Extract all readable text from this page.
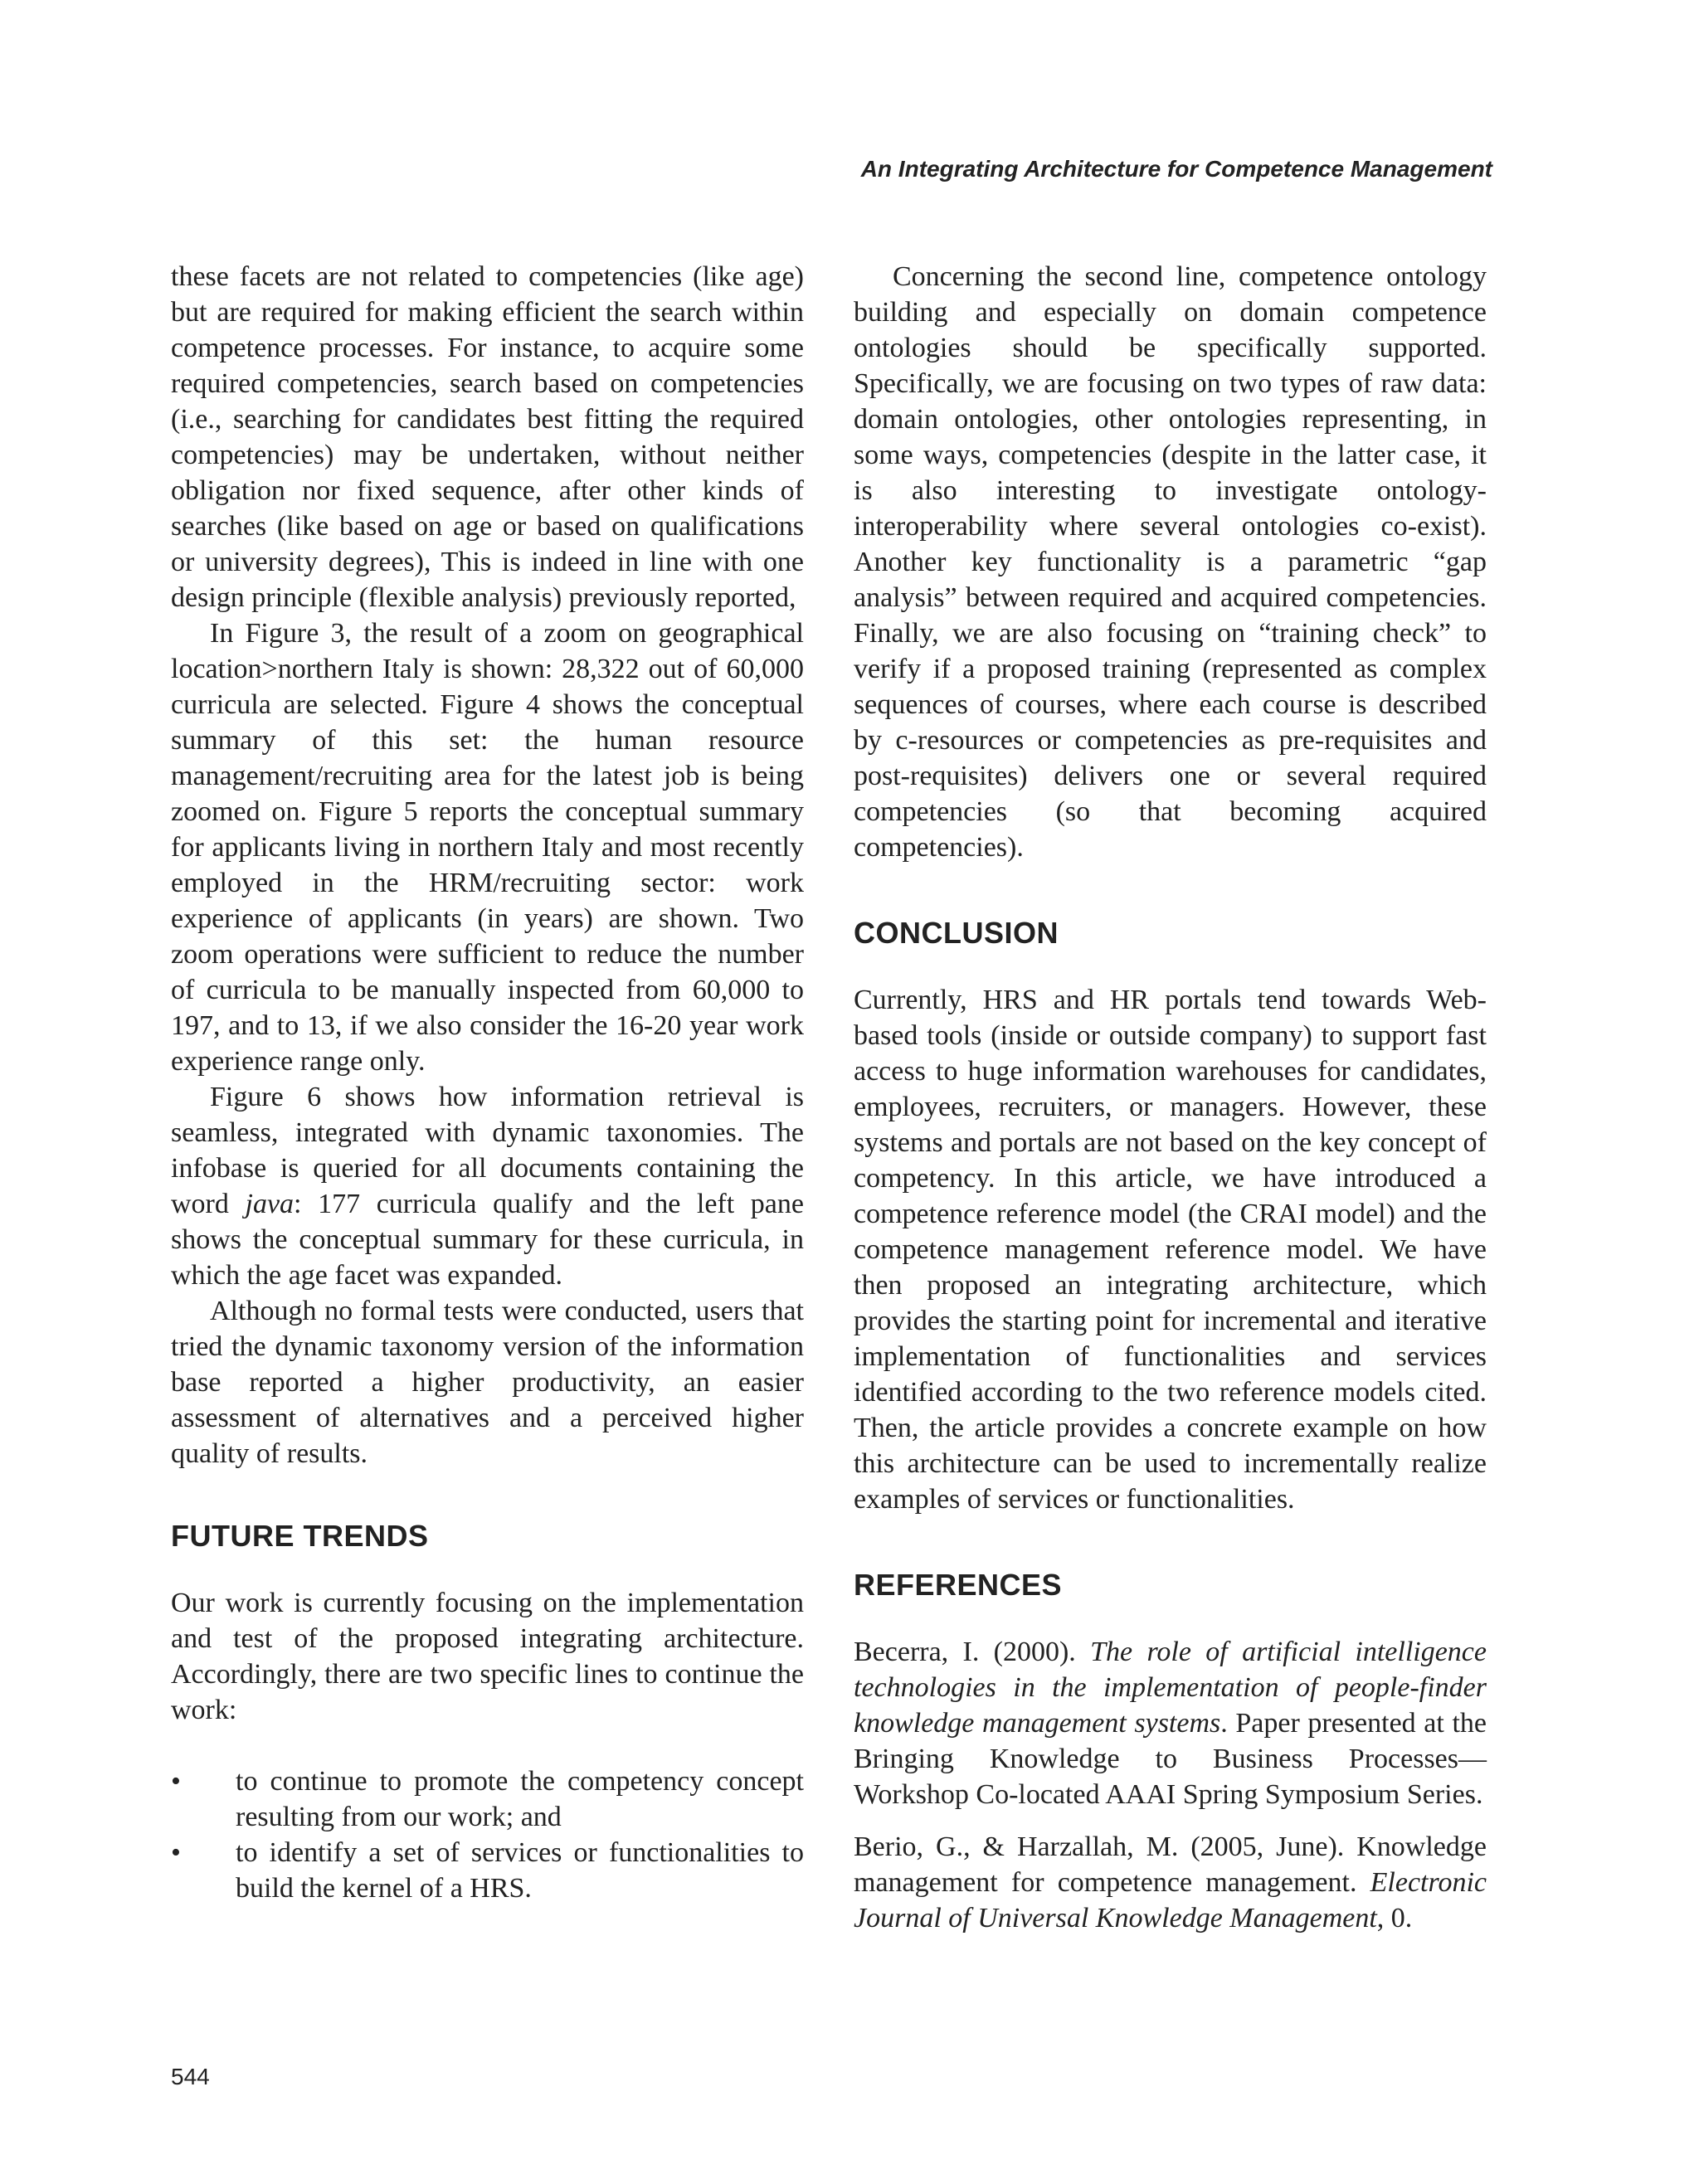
An Integrating Architecture for Competence Management

these facets are not related to competencies (like age) but are required for making efficient the search within competence processes. For instance, to acquire some required competencies, search based on competencies (i.e., searching for candidates best fitting the required competencies) may be undertaken, without neither obligation nor fixed sequence, after other kinds of searches (like based on age or based on qualifications or university degrees), This is indeed in line with one design principle (flexible analysis) previously reported,

In Figure 3, the result of a zoom on geographical location>northern Italy is shown: 28,322 out of 60,000 curricula are selected. Figure 4 shows the conceptual summary of this set: the human resource management/recruiting area for the latest job is being zoomed on. Figure 5 reports the conceptual summary for applicants living in northern Italy and most recently employed in the HRM/recruiting sector: work experience of applicants (in years) are shown. Two zoom operations were sufficient to reduce the number of curricula to be manually inspected from 60,000 to 197, and to 13, if we also consider the 16-20 year work experience range only.

Figure 6 shows how information retrieval is seamless, integrated with dynamic taxonomies. The infobase is queried for all documents containing the word java: 177 curricula qualify and the left pane shows the conceptual summary for these curricula, in which the age facet was expanded.

Although no formal tests were conducted, users that tried the dynamic taxonomy version of the information base reported a higher productivity, an easier assessment of alternatives and a perceived higher quality of results.

FUTURE TRENDS

Our work is currently focusing on the implementation and test of the proposed integrating architecture. Accordingly, there are two specific lines to continue the work:

•	to continue to promote the competency concept resulting from our work; and
•	to identify a set of services or functionalities to build the kernel of a HRS.

Concerning the second line, competence ontology building and especially on domain competence ontologies should be specifically supported. Specifically, we are focusing on two types of raw data: domain ontologies, other ontologies representing, in some ways, competencies (despite in the latter case, it is also interesting to investigate ontology-interoperability where several ontologies co-exist). Another key functionality is a parametric “gap analysis” between required and acquired competencies. Finally, we are also focusing on “training check” to verify if a proposed training (represented as complex sequences of courses, where each course is described by c-resources or competencies as pre-requisites and post-requisites) delivers one or several required competencies (so that becoming acquired competencies).

CONCLUSION

Currently, HRS and HR portals tend towards Web-based tools (inside or outside company) to support fast access to huge information warehouses for candidates, employees, recruiters, or managers. However, these systems and portals are not based on the key concept of competency. In this article, we have introduced a competence reference model (the CRAI model) and the competence management reference model. We have then proposed an integrating architecture, which provides the starting point for incremental and iterative implementation of functionalities and services identified according to the two reference models cited. Then, the article provides a concrete example on how this architecture can be used to incrementally realize examples of services or functionalities.

REFERENCES

Becerra, I. (2000). The role of artificial intelligence technologies in the implementation of people-finder knowledge management systems. Paper presented at the Bringing Knowledge to Business Processes—Workshop Co-located AAAI Spring Symposium Series.

Berio, G., & Harzallah, M. (2005, June). Knowledge management for competence management. Electronic Journal of Universal Knowledge Management, 0.

544
